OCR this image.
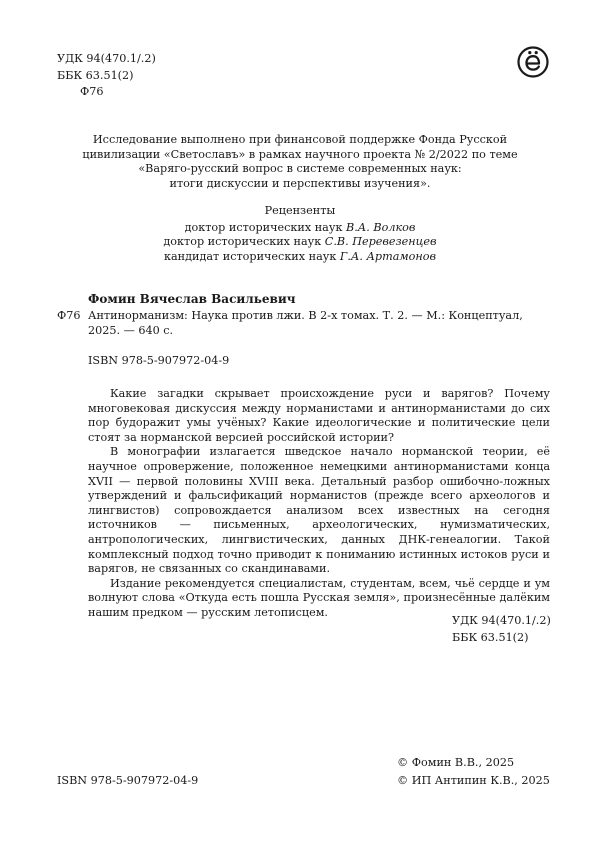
УДК 94(470.1/.2)
ББК 63.51(2)
Ф76
Исследование выполнено при финансовой поддержке Фонда Русской
цивилизации «Светославъ» в рамках научного проекта № 2/2022 по теме
«Варяго-русский вопрос в системе современных наук:
итоги дискуссии и перспективы изучения».
Рецензенты
доктор исторических наук В.А. Волков
доктор исторических наук С.В. Перевезенцев
кандидат исторических наук Г.А. Артамонов
Фомин Вячеслав Васильевич
Ф76 Антинорманизм: Наука против лжи. В 2-х томах. Т. 2. — М.: Концептуал,
2025. — 640 с.
ISBN 978-5-907972-04-9

Какие загадки скрывает происхождение руси и варягов? Почему многовековая дискуссия между норманистами и антинорманистами до сих пор будоражит умы учёных? Какие идеологические и политические цели стоят за норманской версией российской истории?

В монографии излагается шведское начало норманской теории, её научное опровержение, положенное немецкими антинорманистами конца XVII — первой половины XVIII века. Детальный разбор ошибочно-ложных утверждений и фальсификаций норманистов (прежде всего археологов и лингвистов) сопровождается анализом всех известных на сегодня источников — письменных, археологических, нумизматических, антропологических, лингвистических, данных ДНК-генеалогии. Такой комплексный подход точно приводит к пониманию истинных истоков руси и варягов, не связанных со скандинавами.

Издание рекомендуется специалистам, студентам, всем, чьё сердце и ум волнуют слова «Откуда есть пошла Русская земля», произнесённые далёким нашим предком — русским летописцем.

УДК 94(470.1/.2)
ББК 63.51(2)
ISBN 978-5-907972-04-9
© Фомин В.В., 2025
© ИП Антипин К.В., 2025
